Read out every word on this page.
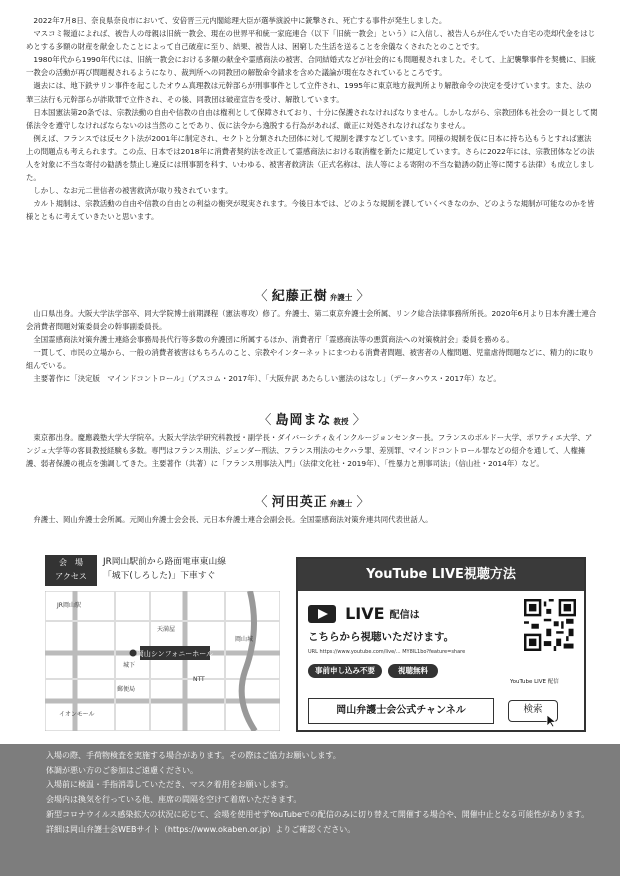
2022年7月8日、奈良県奈良市において、安倍晋三元内閣総理大臣が選挙演説中に銃撃され、死亡する事件が発生しました。

マスコミ報道によれば、被告人の母親は旧統一教会、現在の世界平和統一家庭連合（以下「旧統一教会」という）に入信し、被告人らが住んでいた自宅の売却代金をはじめとする多額の財産を献金したことによって自己破産に至り、結果、被告人は、困窮した生活を送ることを余儀なくされたとのことです。

1980年代から1990年代には、旧統一教会における多額の献金や霊感商法の被害、合同結婚式などが社会的にも問題視されました。そして、上記襲撃事件を契機に、旧統一教会の活動が再び問題視されるようになり、裁判所への同教団の解散命令請求を含めた議論が現在なされているところです。

過去には、地下鉄サリン事件を起こしたオウム真理教は元幹部らが刑事事件として立件され、1995年に東京地方裁判所より解散命令の決定を受けています。また、法の華三法行も元幹部らが詐欺罪で立件され、その後、同教団は破産宣告を受け、解散しています。

日本国憲法第20条では、宗教法動の自由や信教の自由は権利として保障されており、十分に保護されなければなりません。しかしながら、宗教団体も社会の一員として関係法令を遵守しなければならないのは当然のことであり、仮に法令から逸脱する行為があれば、厳正に対処されなければなりません。

例えば、フランスでは反セクト法が2001年に制定され、セクトと分類された団体に対して規制を課すなどしています。同様の規制を仮に日本に持ち込もうとすれば憲法上の問題点も考えられます。この点、日本では2018年に消費者契約法を改正して霊感商法における取消権を新たに規定しています。さらに2022年には、宗教団体などの法人を対象に不当な寄付の勧誘を禁止し違反には刑事罰を科す、いわゆる、被害者救済法（正式名称は、法人等による寄附の不当な勧誘の防止等に関する法律）も成立しました。

しかし、なお元二世信者の被害救済が取り残されています。

カルト規制は、宗教活動の自由や信教の自由との利益の衡突が現実されます。今後日本では、どのような規制を課していくべきなのか、どのような規制が可能なのかを皆様とともに考えていきたいと思います。

〈 紀藤正樹 弁護士 〉

山口県出身。大阪大学法学部卒、同大学院博士前期課程（憲法専攻）修了。弁護士、第二東京弁護士会所属、リンク総合法律事務所所長。2020年6月より日本弁護士連合会消費者問題対策委員会の幹事副委員長。

全国霊感商法対策弁護士連絡会事務局長代行等多数の弁護団に所属するほか、消費者庁「霊感商法等の悪質商法への対策検討会」委員を務める。

一貫して、市民の立場から、一般の消費者被害はもちろんのこと、宗教やインターネットにまつわる消費者問題、被害者の人権問題、児童虐待問題などに、精力的に取り組んでいる。

主要著作に「決定版　マインドコントロール」（アスコム・2017年）、「大阪弁訳 あたらしい憲法のはなし」（データハウス・2017年）など。

〈 島岡まな 教授 〉

東京都出身。慶應義塾大学大学院卒。大阪大学法学研究科教授・副学長・ダイバーシティ＆インクルージョンセンター長。フランスのボルドー大学、ポワティエ大学、アンジェ大学等の客員教授経験も多数。専門はフランス刑法、ジェンダー刑法、フランス刑法のセクハラ罪、差別罪、マインドコントロール罪などの紹介を通して、人権擁護、弱者保護の視点を強調してきた。主要著作（共著）に「フランス刑事法入門」（法律文化社・2019年）、「性暴力と刑事司法」（信山社・2014年）など。

〈 河田英正 弁護士 〉

弁護士、岡山弁護士会所属。元岡山弁護士会会長、元日本弁護士連合会副会長。全国霊感商法対策弁連共同代表世話人。

会　場
アクセス
JR岡山駅前から路面電車東山線
「城下(しろした)」下車すぐ
岡山シンフォニーホール
JR岡山駅
NTT
天満屋
郵便局
イオンモール
岡山城
城下
YouTube LIVE視聴方法
LIVE 配信は
こちらから視聴いただけます。
URL https://www.youtube.com/live/... MY8IL1bo?feature=share
事前申し込み不要	視聴無料
YouTube LIVE 配信
岡山弁護士会公式チャンネル	検索
入場の際、手荷物検査を実施する場合があります。その際はご協力お願いします。
体調が悪い方のご参加はご遠慮ください。
入場前に検温・手指消毒していただき、マスク着用をお願いします。
会場内は換気を行っている他、座席の間隔を空けて着席いただきます。
新型コロナウイルス感染拡大の状況に応じて、会場を使用せずYouTubeでの配信のみに切り替えて開催する場合や、開催中止となる可能性があります。
詳細は岡山弁護士会WEBサイト（https://www.okaben.or.jp）よりご確認ください。
